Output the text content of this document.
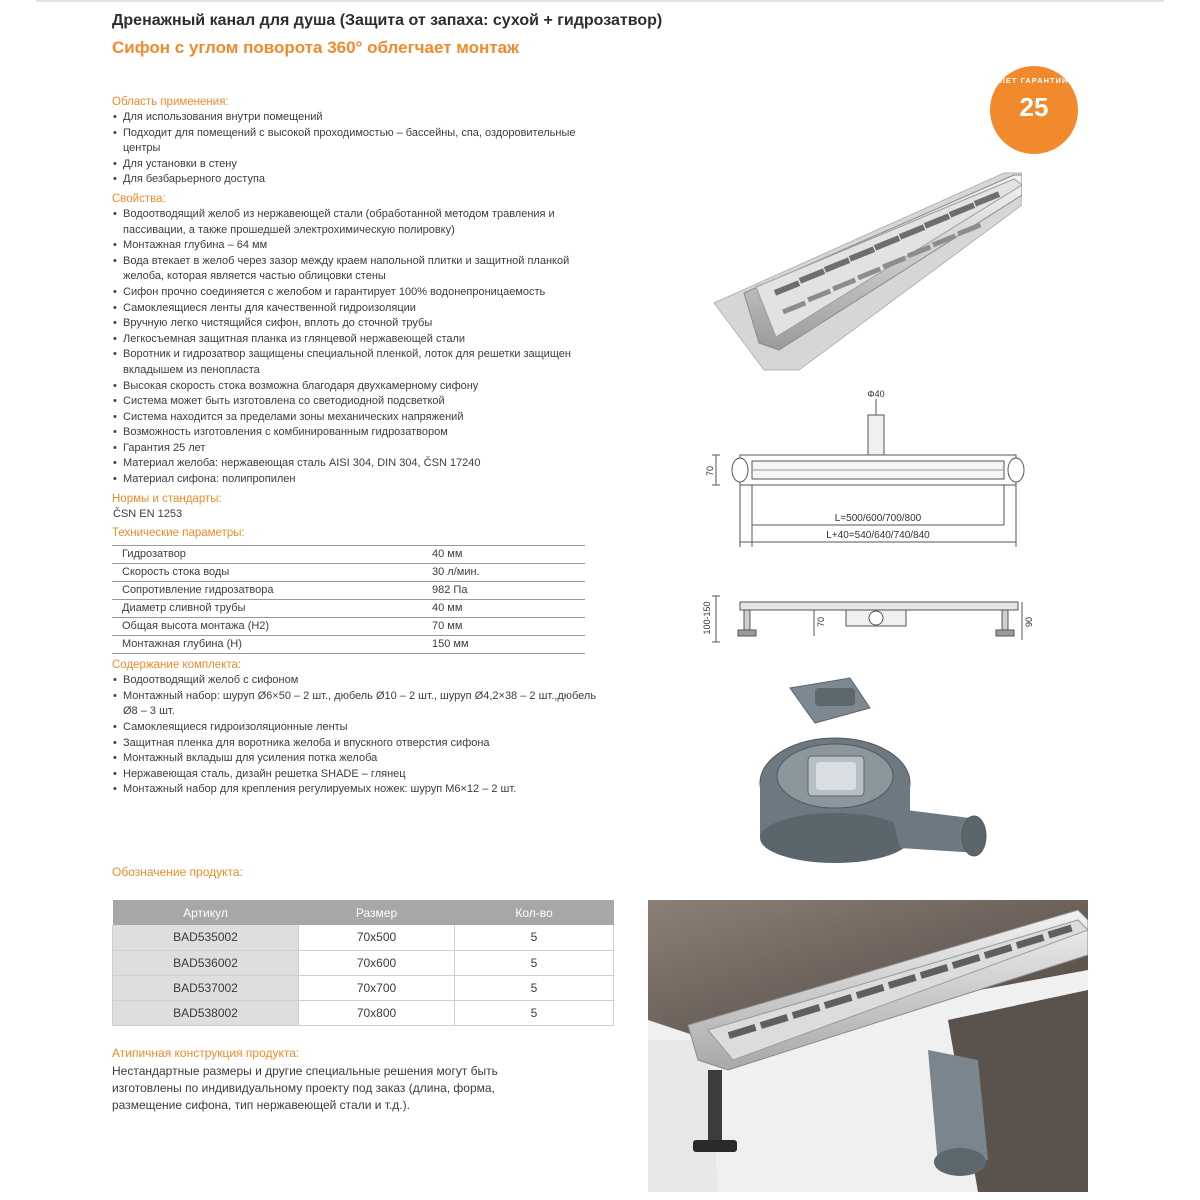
Дренажный канал для душа (Защита от запаха: сухой + гидрозатвор)
Сифон с углом поворота 360° облегчает монтаж
ЛЕТ ГАРАНТИИ
25
Область применения:
• Для использования внутри помещений
• Подходит для помещений с высокой проходимостью – бассейны, спа, оздоровительные центры
• Для установки в стену
• Для безбарьерного доступа
Свойства:
• Водоотводящий желоб из нержавеющей стали (обработанной методом травления и пассивации, а также прошедшей электрохимическую полировку)
• Монтажная глубина – 64 мм
• Вода втекает в желоб через зазор между краем напольной плитки и защитной планкой желоба, которая является частью облицовки стены
• Сифон прочно соединяется с желобом и гарантирует 100% водонепроницаемость
• Самоклеящиеся ленты для качественной гидроизоляции
• Вручную легко чистящийся сифон, вплоть до сточной трубы
• Легкосъемная защитная планка из глянцевой нержавеющей стали
• Воротник и гидрозатвор защищены специальной пленкой, лоток для решетки защищен вкладышем из пенопласта
• Высокая скорость стока возможна благодаря двухкамерному сифону
• Система может быть изготовлена со светодиодной подсветкой
• Система находится за пределами зоны механических напряжений
• Возможность изготовления с комбинированным гидрозатвором
• Гарантия 25 лет
• Материал желоба: нержавеющая сталь AISI 304, DIN 304, ČSN 17240
• Материал сифона: полипропилен
Нормы и стандарты:
ČSN EN 1253
Технические параметры:
Гидрозатвор	40 мм
Скорость стока воды	30 л/мин.
Сопротивление гидрозатвора	982 Па
Диаметр сливной трубы	40 мм
Общая высота монтажа (H2)	70 мм
Монтажная глубина (H)	150 мм
Содержание комплекта:
• Водоотводящий желоб с сифоном
• Монтажный набор: шуруп Ø6×50 – 2 шт., дюбель Ø10 – 2 шт., шуруп Ø4,2×38 – 2 шт.,дюбель Ø8 – 3 шт.
• Самоклеящиеся гидроизоляционные ленты
• Защитная пленка для воротника желоба и впускного отверстия сифона
• Монтажный вкладыш для усиления потка желоба
• Нержавеющая сталь, дизайн решетка SHADE – глянец
• Монтажный набор для крепления регулируемых ножек: шуруп М6×12 – 2 шт.
Обозначение продукта:
Артикул	Размер	Кол-во
BAD535002	70x500	5
BAD536002	70x600	5
BAD537002	70x700	5
BAD538002	70x800	5
Атипичная конструкция продукта:
Нестандартные размеры и другие специальные решения могут быть изготовлены по индивидуальному проекту под заказ (длина, форма, размещение сифона, тип нержавеющей стали и т.д.).
Φ40
70
L=500/600/700/800
L+40=540/640/740/840
100-150	70	90
